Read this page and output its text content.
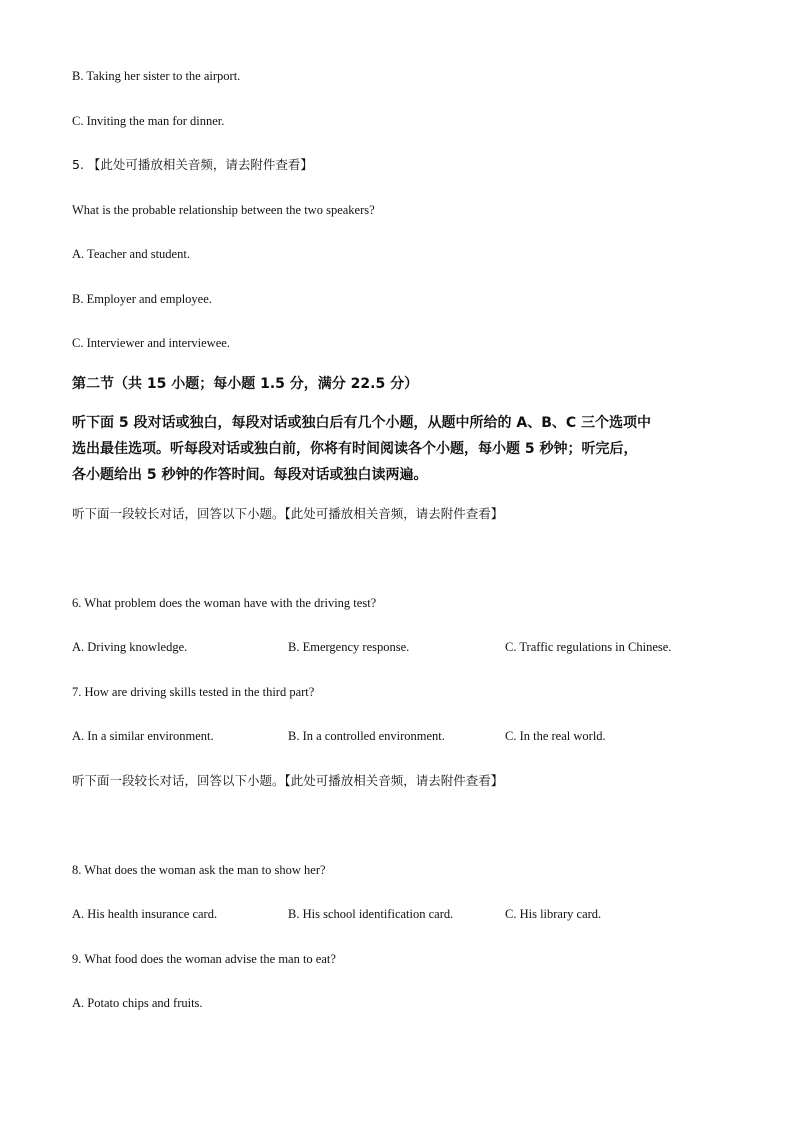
B. Taking her sister to the airport.
C. Inviting the man for dinner.
5. 【此处可播放相关音频，请去附件查看】
What is the probable relationship between the two speakers?
A. Teacher and student.
B. Employer and employee.
C. Interviewer and interviewee.
第二节（共 15 小题；每小题 1.5 分，满分 22.5 分）
听下面 5 段对话或独白，每段对话或独白后有几个小题，从题中所给的 A、B、C 三个选项中
选出最佳选项。听每段对话或独白前，你将有时间阅读各个小题，每小题 5 秒钟；听完后，
各小题给出 5 秒钟的作答时间。每段对话或独白读两遍。
听下面一段较长对话，回答以下小题。【此处可播放相关音频，请去附件查看】
6. What problem does the woman have with the driving test?
A. Driving knowledge.	B. Emergency response.	C. Traffic regulations in Chinese.
7. How are driving skills tested in the third part?
A. In a similar environment.	B. In a controlled environment.	C. In the real world.
听下面一段较长对话，回答以下小题。【此处可播放相关音频，请去附件查看】
8. What does the woman ask the man to show her?
A. His health insurance card.	B. His school identification card.	C. His library card.
9. What food does the woman advise the man to eat?
A. Potato chips and fruits.
